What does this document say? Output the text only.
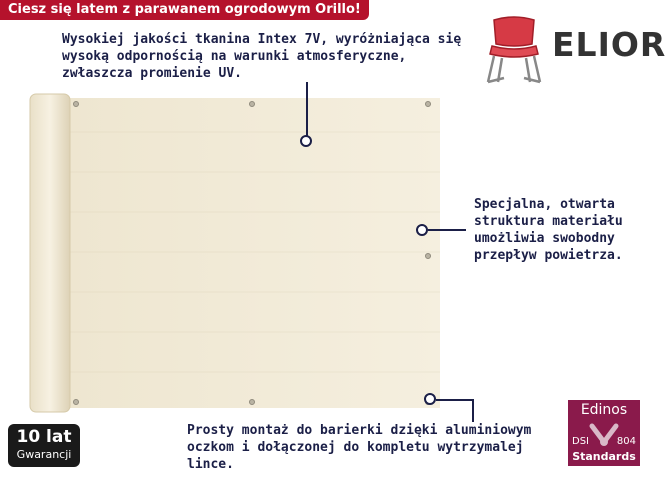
Ciesz się latem z parawanem ogrodowym Orillo!
Wysokiej jakości tkanina Intex 7V, wyróżniająca się wysoką odpornością na warunki atmosferyczne, zwłaszcza promienie UV.
Specjalna, otwarta struktura materiału umożliwia swobodny przepływ powietrza.
Prosty montaż do barierki dzięki aluminiowym oczkom i dołączonej do kompletu wytrzymalej lince.
ELIOR
10 lat
Gwarancji
Edinos
DSI	804
Standards
